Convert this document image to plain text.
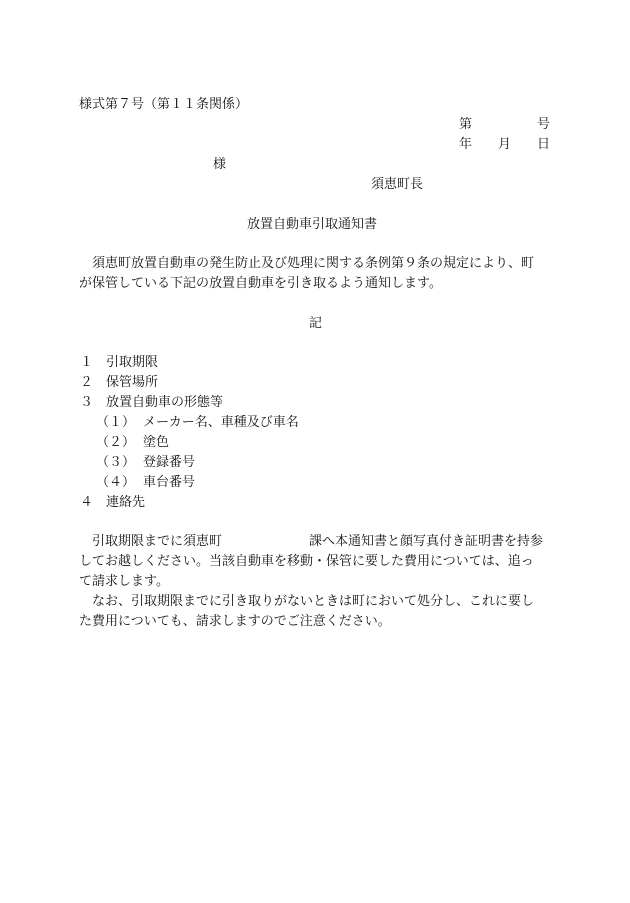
様式第７号（第１１条関係）
第	号
年 月 日
様
須恵町長
放置自動車引取通知書
須恵町放置自動車の発生防止及び処理に関する条例第９条の規定により、町
が保管している下記の放置自動車を引き取るよう通知します。
記
１ 引取期限
２ 保管場所
３ 放置自動車の形態等
（１） メーカー名、車種及び車名
（２） 塗色
（３） 登録番号
（４） 車台番号
４ 連絡先
引取期限までに須恵町	課へ本通知書と顔写真付き証明書を持参
してお越しください。当該自動車を移動・保管に要した費用については、追っ
て請求します。
なお、引取期限までに引き取りがないときは町において処分し、これに要し
た費用についても、請求しますのでご注意ください。
